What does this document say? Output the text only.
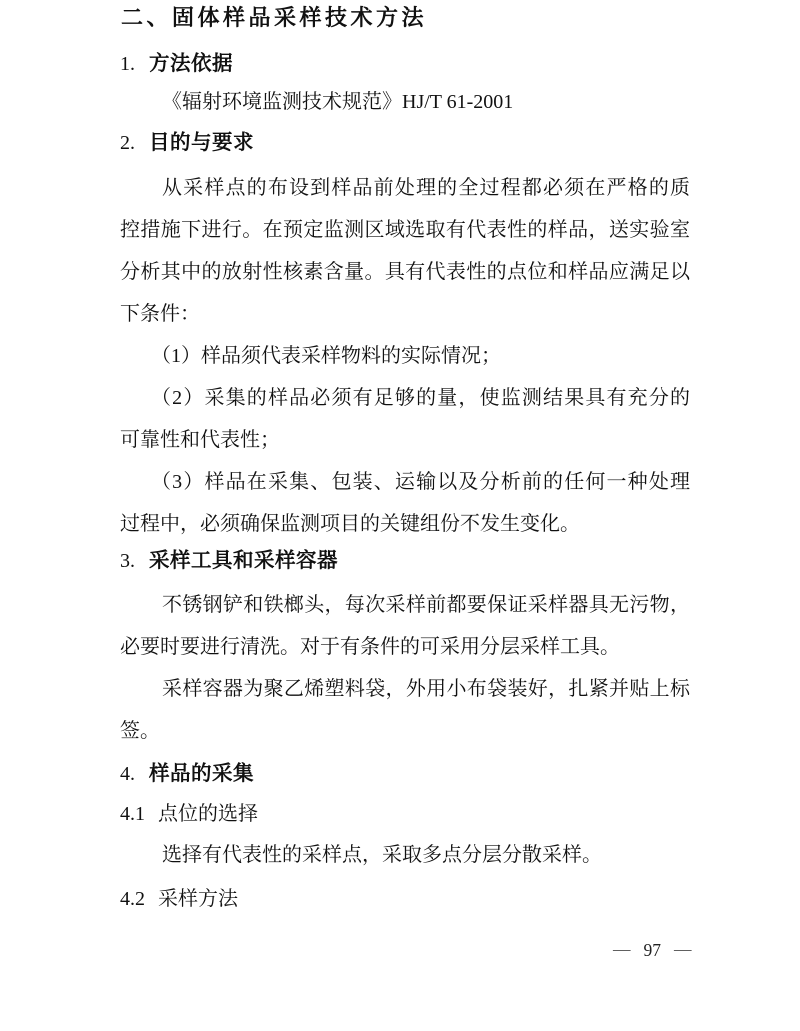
二、固体样品采样技术方法
1. 方法依据
《辐射环境监测技术规范》HJ/T 61-2001
2. 目的与要求
从采样点的布设到样品前处理的全过程都必须在严格的质
控措施下进行。在预定监测区域选取有代表性的样品，送实验室
分析其中的放射性核素含量。具有代表性的点位和样品应满足以
下条件：
（1）样品须代表采样物料的实际情况；
（2）采集的样品必须有足够的量，使监测结果具有充分的
可靠性和代表性；
（3）样品在采集、包装、运输以及分析前的任何一种处理
过程中，必须确保监测项目的关键组份不发生变化。
3. 采样工具和采样容器
不锈钢铲和铁榔头，每次采样前都要保证采样器具无污物，
必要时要进行清洗。对于有条件的可采用分层采样工具。
采样容器为聚乙烯塑料袋，外用小布袋装好，扎紧并贴上标
签。
4. 样品的采集
4.1 点位的选择
选择有代表性的采样点，采取多点分层分散采样。
4.2 采样方法
— 97 —
